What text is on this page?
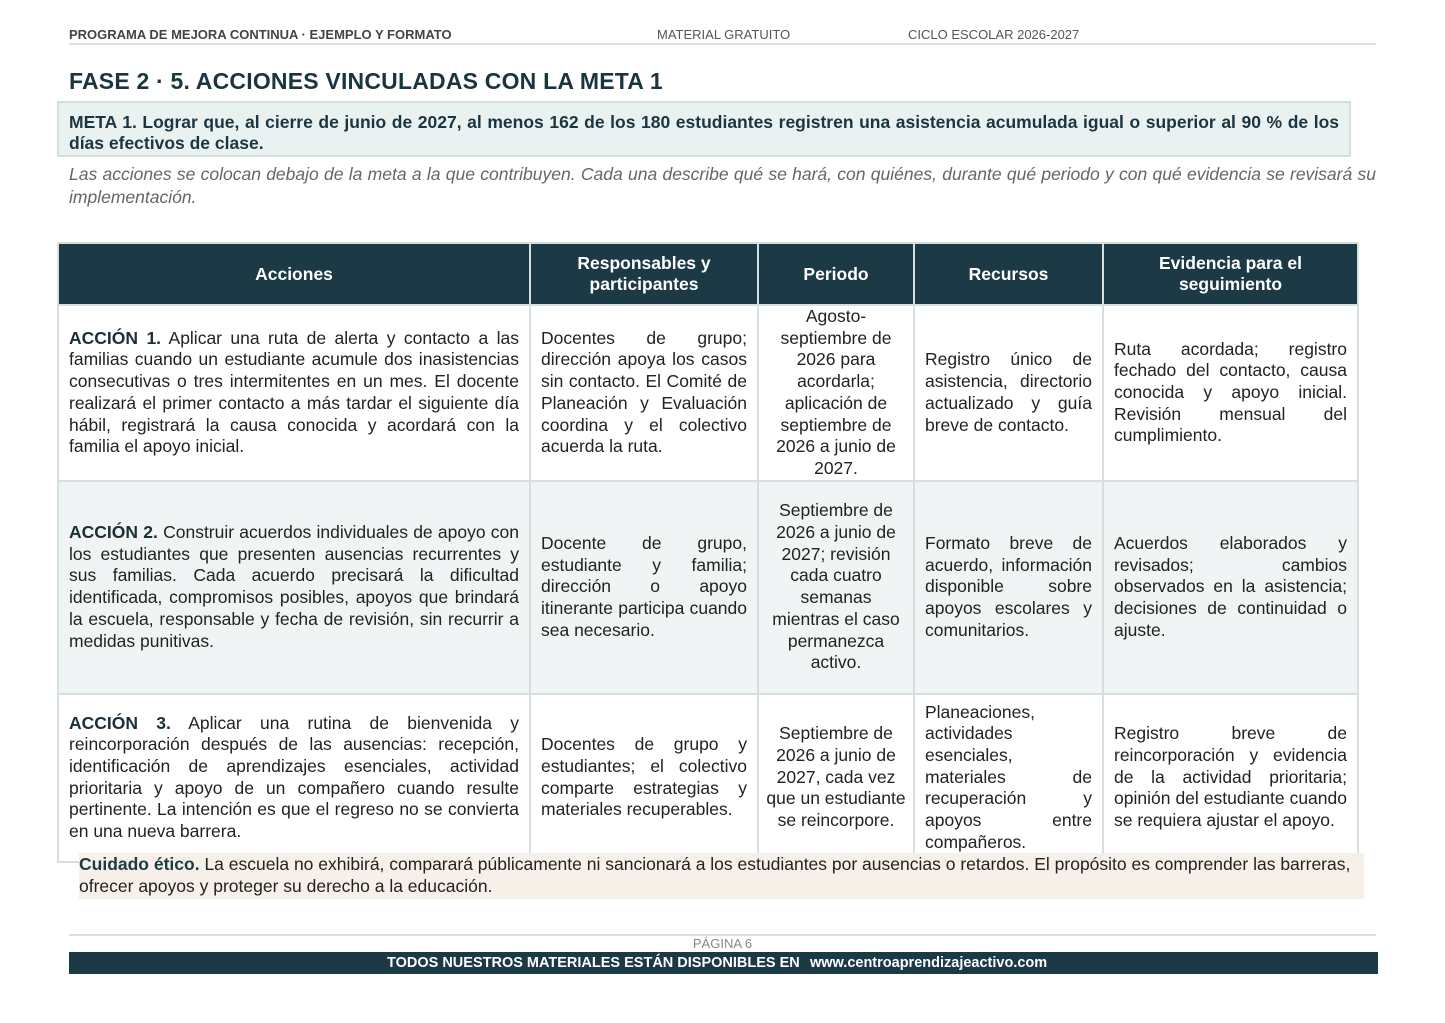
PROGRAMA DE MEJORA CONTINUA · EJEMPLO Y FORMATO	MATERIAL GRATUITO	CICLO ESCOLAR 2026-2027
FASE 2 · 5. ACCIONES VINCULADAS CON LA META 1
META 1. Lograr que, al cierre de junio de 2027, al menos 162 de los 180 estudiantes registren una asistencia acumulada igual o superior al 90 % de los días efectivos de clase.
Las acciones se colocan debajo de la meta a la que contribuyen. Cada una describe qué se hará, con quiénes, durante qué periodo y con qué evidencia se revisará su implementación.
Acciones	Responsables y participantes	Periodo	Recursos	Evidencia para el seguimiento
ACCIÓN 1. Aplicar una ruta de alerta y contacto a las familias cuando un estudiante acumule dos inasistencias consecutivas o tres intermitentes en un mes. El docente realizará el primer contacto a más tardar el siguiente día hábil, registrará la causa conocida y acordará con la familia el apoyo inicial.	Docentes de grupo; dirección apoya los casos sin contacto. El Comité de Planeación y Evaluación coordina y el colectivo acuerda la ruta.	Agosto-septiembre de 2026 para acordarla; aplicación de septiembre de 2026 a junio de 2027.	Registro único de asistencia, directorio actualizado y guía breve de contacto.	Ruta acordada; registro fechado del contacto, causa conocida y apoyo inicial. Revisión mensual del cumplimiento.
ACCIÓN 2. Construir acuerdos individuales de apoyo con los estudiantes que presenten ausencias recurrentes y sus familias. Cada acuerdo precisará la dificultad identificada, compromisos posibles, apoyos que brindará la escuela, responsable y fecha de revisión, sin recurrir a medidas punitivas.	Docente de grupo, estudiante y familia; dirección o apoyo itinerante participa cuando sea necesario.	Septiembre de 2026 a junio de 2027; revisión cada cuatro semanas mientras el caso permanezca activo.	Formato breve de acuerdo, información disponible sobre apoyos escolares y comunitarios.	Acuerdos elaborados y revisados; cambios observados en la asistencia; decisiones de continuidad o ajuste.
ACCIÓN 3. Aplicar una rutina de bienvenida y reincorporación después de las ausencias: recepción, identificación de aprendizajes esenciales, actividad prioritaria y apoyo de un compañero cuando resulte pertinente. La intención es que el regreso no se convierta en una nueva barrera.	Docentes de grupo y estudiantes; el colectivo comparte estrategias y materiales recuperables.	Septiembre de 2026 a junio de 2027, cada vez que un estudiante se reincorpore.	Planeaciones, actividades esenciales, materiales de recuperación y apoyos entre compañeros.	Registro breve de reincorporación y evidencia de la actividad prioritaria; opinión del estudiante cuando se requiera ajustar el apoyo.
Cuidado ético. La escuela no exhibirá, comparará públicamente ni sancionará a los estudiantes por ausencias o retardos. El propósito es comprender las barreras, ofrecer apoyos y proteger su derecho a la educación.
PÁGINA 6
TODOS NUESTROS MATERIALES ESTÁN DISPONIBLES EN www.centroaprendizajeactivo.com
